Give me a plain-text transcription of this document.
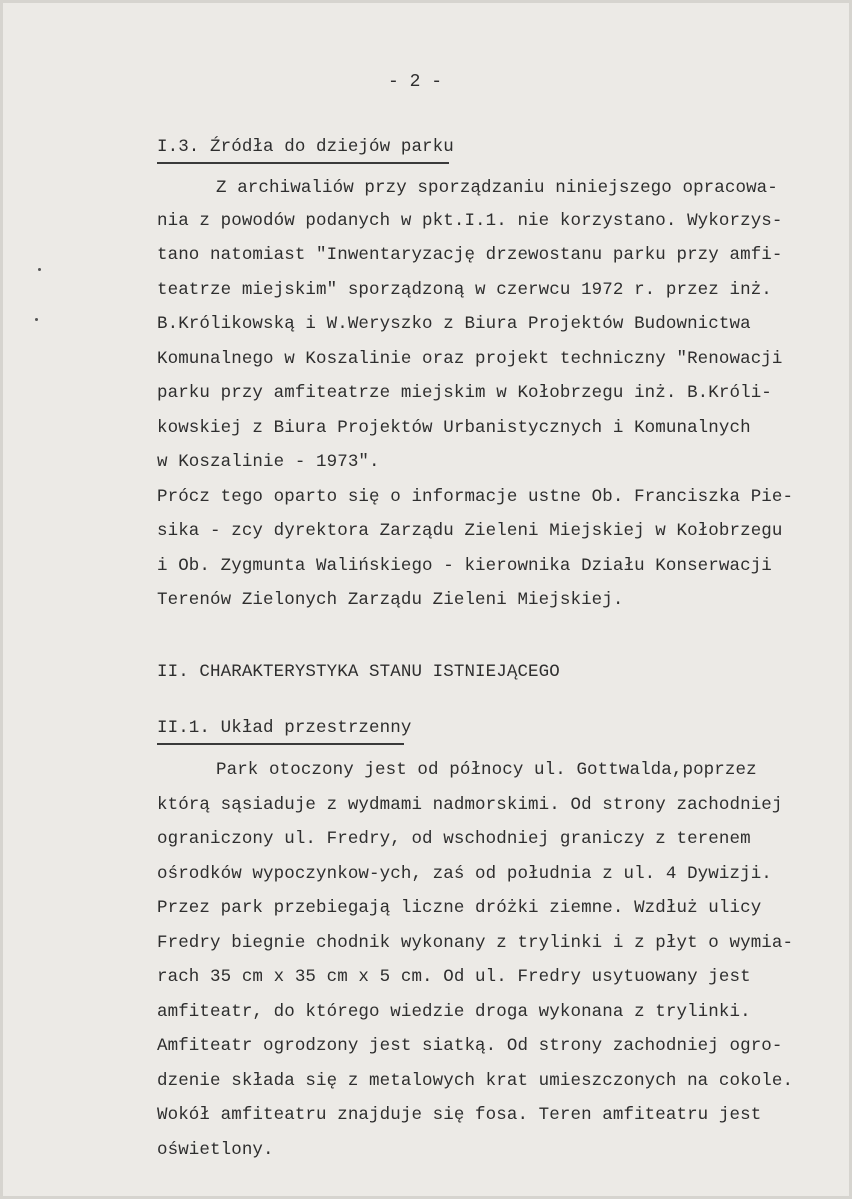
- 2 -
I.3. Źródła do dziejów parku
Z archiwaliów przy sporządzaniu niniejszego opracowa-
nia z powodów podanych w pkt.I.1. nie korzystano. Wykorzys-
tano natomiast "Inwentaryzację drzewostanu parku przy amfi-
teatrze miejskim" sporządzoną w czerwcu 1972 r. przez inż.
B.Królikowską i W.Weryszko z Biura Projektów Budownictwa
Komunalnego w Koszalinie oraz projekt techniczny "Renowacji
parku przy amfiteatrze miejskim w Kołobrzegu inż. B.Króli-
kowskiej z Biura Projektów Urbanistycznych i Komunalnych
w Koszalinie - 1973".
Prócz tego oparto się o informacje ustne Ob. Franciszka Pie-
sika - zcy dyrektora Zarządu Zieleni Miejskiej w Kołobrzegu
i Ob. Zygmunta Walińskiego - kierownika Działu Konserwacji
Terenów Zielonych Zarządu Zieleni Miejskiej.
II. CHARAKTERYSTYKA STANU ISTNIEJĄCEGO
II.1. Układ przestrzenny
Park otoczony jest od północy ul. Gottwalda,poprzez
którą sąsiaduje z wydmami nadmorskimi. Od strony zachodniej
ograniczony ul. Fredry, od wschodniej graniczy z terenem
ośrodków wypoczynkow-ych, zaś od południa z ul. 4 Dywizji.
Przez park przebiegają liczne dróżki ziemne. Wzdłuż ulicy
Fredry biegnie chodnik wykonany z trylinki i z płyt o wymia-
rach 35 cm x 35 cm x 5 cm. Od ul. Fredry usytuowany jest
amfiteatr, do którego wiedzie droga wykonana z trylinki.
Amfiteatr ogrodzony jest siatką. Od strony zachodniej ogro-
dzenie składa się z metalowych krat umieszczonych na cokole.
Wokół amfiteatru znajduje się fosa. Teren amfiteatru jest
oświetlony.
